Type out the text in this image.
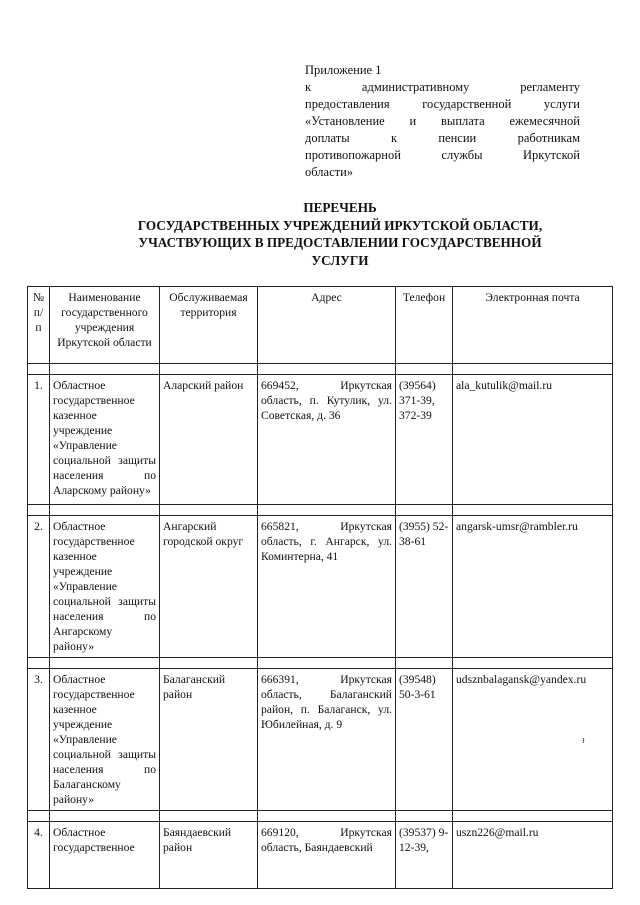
Приложение 1
к административному регламенту
предоставления государственной услуги
«Установление и выплата ежемесячной
доплаты к пенсии работникам
противопожарной службы Иркутской
области»
ПЕРЕЧЕНЬ
ГОСУДАРСТВЕННЫХ УЧРЕЖДЕНИЙ ИРКУТСКОЙ ОБЛАСТИ,
УЧАСТВУЮЩИХ В ПРЕДОСТАВЛЕНИИ ГОСУДАРСТВЕННОЙ
УСЛУГИ
№ п/п	Наименование государственного учреждения Иркутской области	Обслуживаемая территория	Адрес	Телефон	Электронная почта

1.	Областное государственное казенное учреждение «Управление социальной защиты населения по Аларскому району»	Аларский район	669452, Иркутская область, п. Кутулик, ул. Советская, д. 36	(39564) 371-39, 372-39	ala_kutulik@mail.ru

2.	Областное государственное казенное учреждение «Управление социальной защиты населения по Ангарскому району»	Ангарский городской округ	665821, Иркутская область, г. Ангарск, ул. Коминтерна, 41	(3955) 52-38-61	angarsk-umsr@rambler.ru

3.	Областное государственное казенное учреждение «Управление социальной защиты населения по Балаганскому району»	Балаганский район	666391, Иркутская область, Балаганский район, п. Балаганск, ул. Юбилейная, д. 9	(39548) 50-3-61	udsznbalagansk@yandex.ru

4.	Областное государственное	Баяндаевский район	669120, Иркутская область, Баяндаевский	(39537) 9-12-39,	uszn226@mail.ru
ᵻ
